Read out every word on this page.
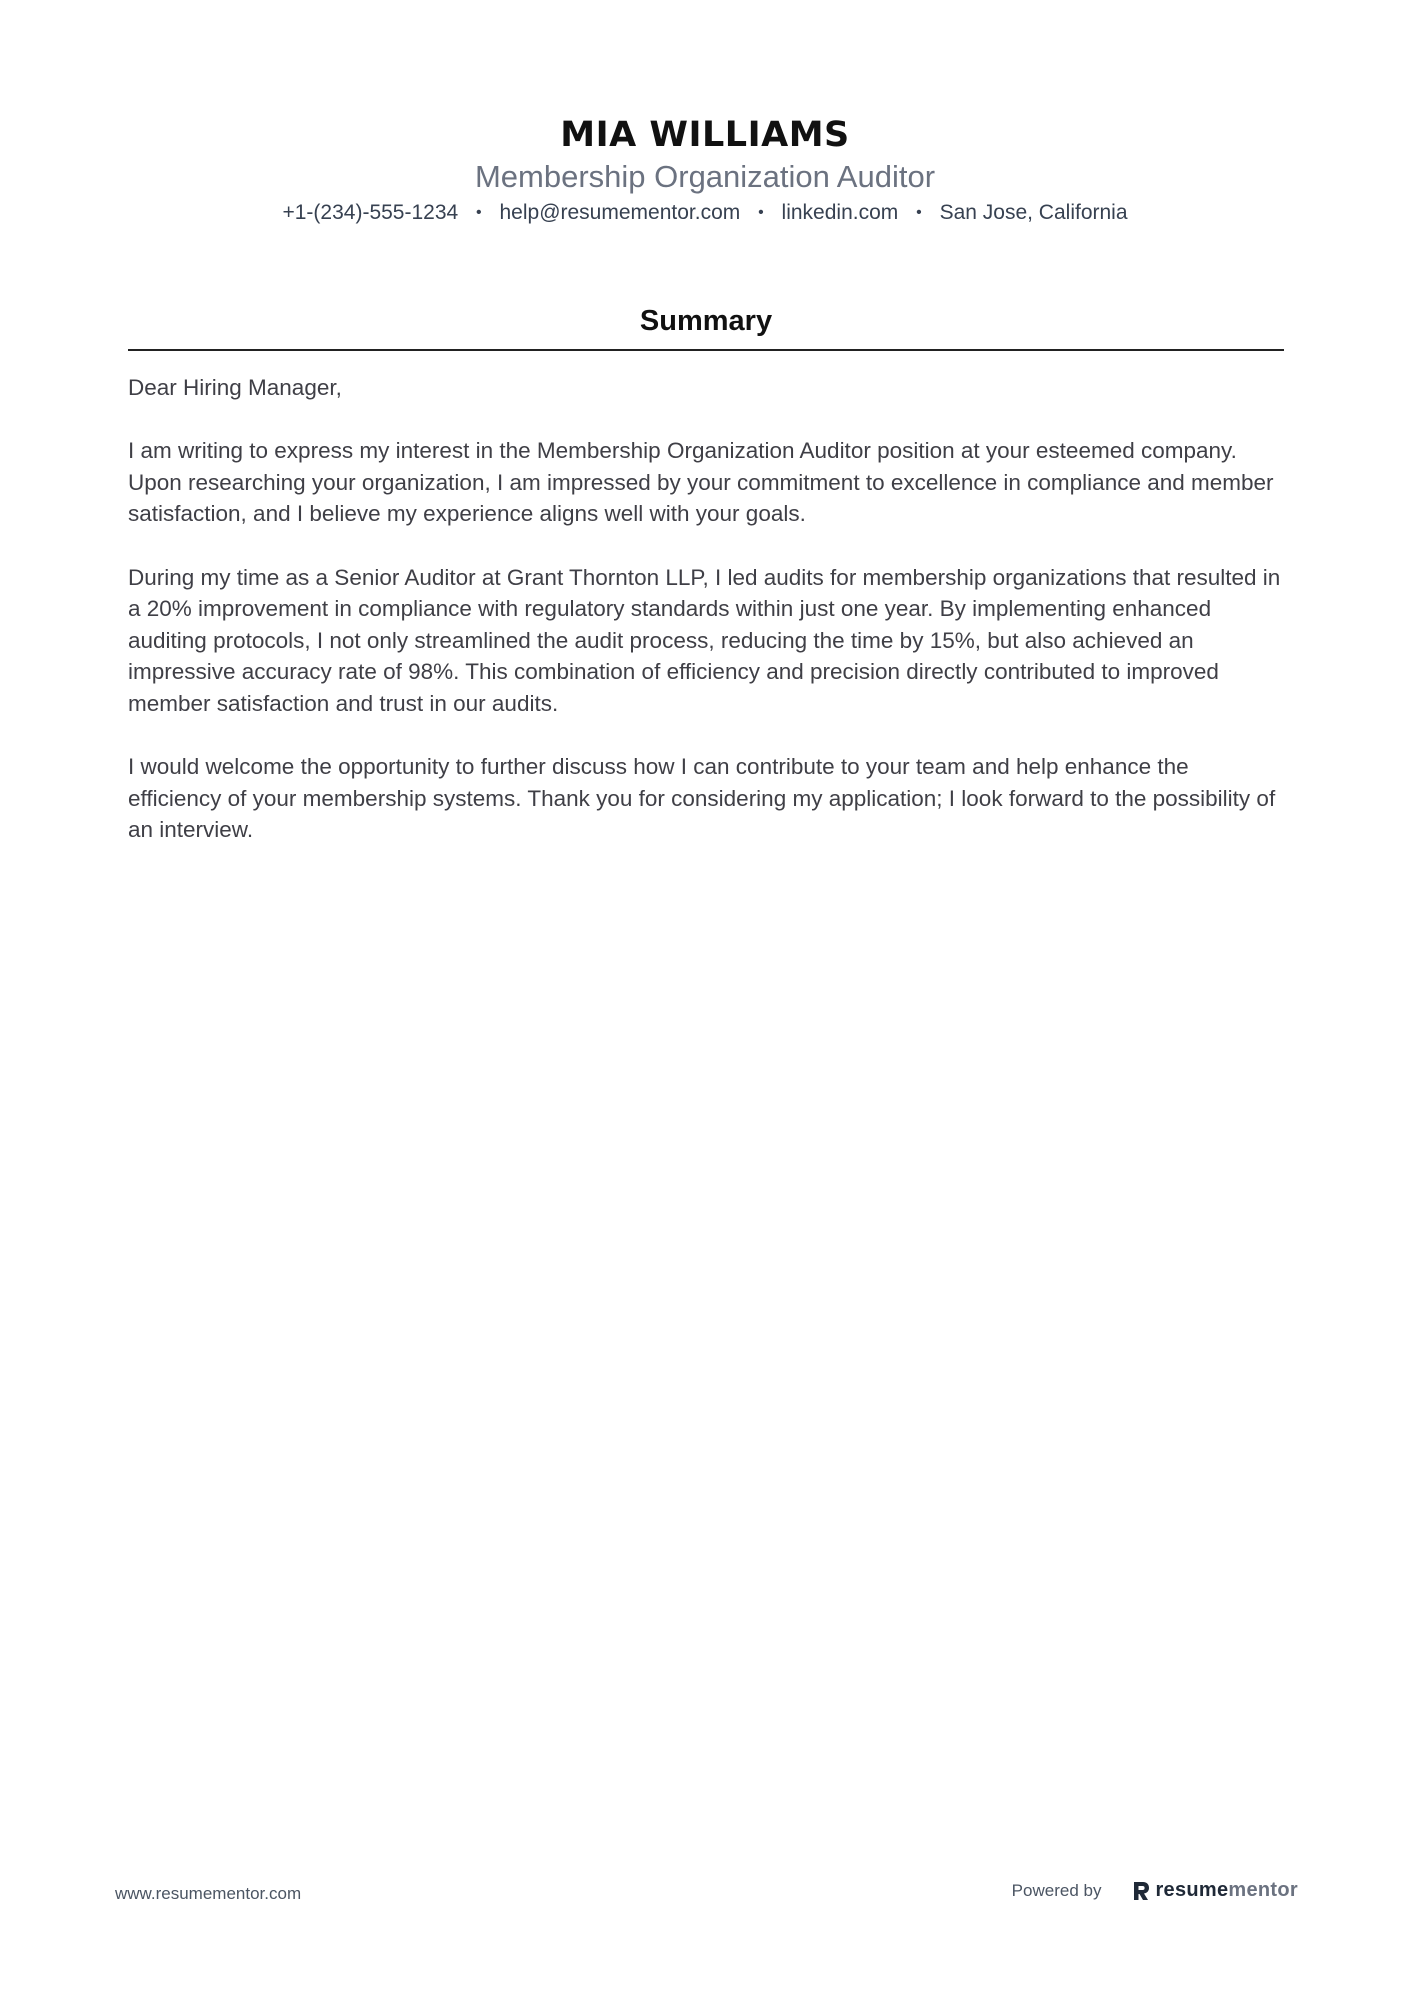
MIA WILLIAMS
Membership Organization Auditor
+1-(234)-555-1234 • help@resumementor.com • linkedin.com • San Jose, California
Summary

Dear Hiring Manager,

I am writing to express my interest in the Membership Organization Auditor position at your esteemed company. Upon researching your organization, I am impressed by your commitment to excellence in compliance and member satisfaction, and I believe my experience aligns well with your goals.

During my time as a Senior Auditor at Grant Thornton LLP, I led audits for membership organizations that resulted in a 20% improvement in compliance with regulatory standards within just one year. By implementing enhanced auditing protocols, I not only streamlined the audit process, reducing the time by 15%, but also achieved an impressive accuracy rate of 98%. This combination of efficiency and precision directly contributed to improved member satisfaction and trust in our audits.

I would welcome the opportunity to further discuss how I can contribute to your team and help enhance the efficiency of your membership systems. Thank you for considering my application; I look forward to the possibility of an interview.

www.resumementor.com	Powered by	resumementor
